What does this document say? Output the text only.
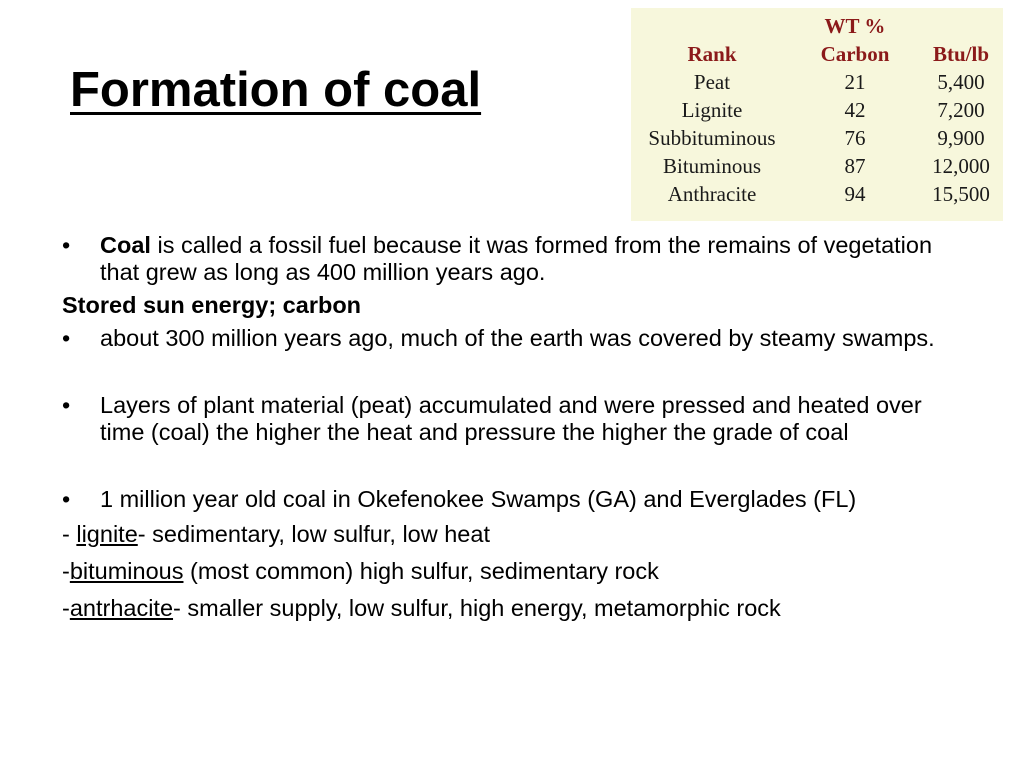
Formation of coal
	WT %	
Rank	Carbon	Btu/lb
Peat	21	5,400
Lignite	42	7,200
Subbituminous	76	9,900
Bituminous	87	12,000
Anthracite	94	15,500
• Coal is called a fossil fuel because it was formed from the remains of vegetation that grew as long as 400 million years ago.
Stored sun energy; carbon
• about 300 million years ago, much of the earth was covered by steamy swamps.
• Layers of plant material (peat) accumulated and were pressed and heated over time (coal) the higher the heat and pressure the higher the grade of coal
• 1 million year old coal in Okefenokee Swamps (GA) and Everglades (FL)
- lignite- sedimentary, low sulfur, low heat
-bituminous (most common) high sulfur, sedimentary rock
-antrhacite- smaller supply, low sulfur, high energy, metamorphic rock
